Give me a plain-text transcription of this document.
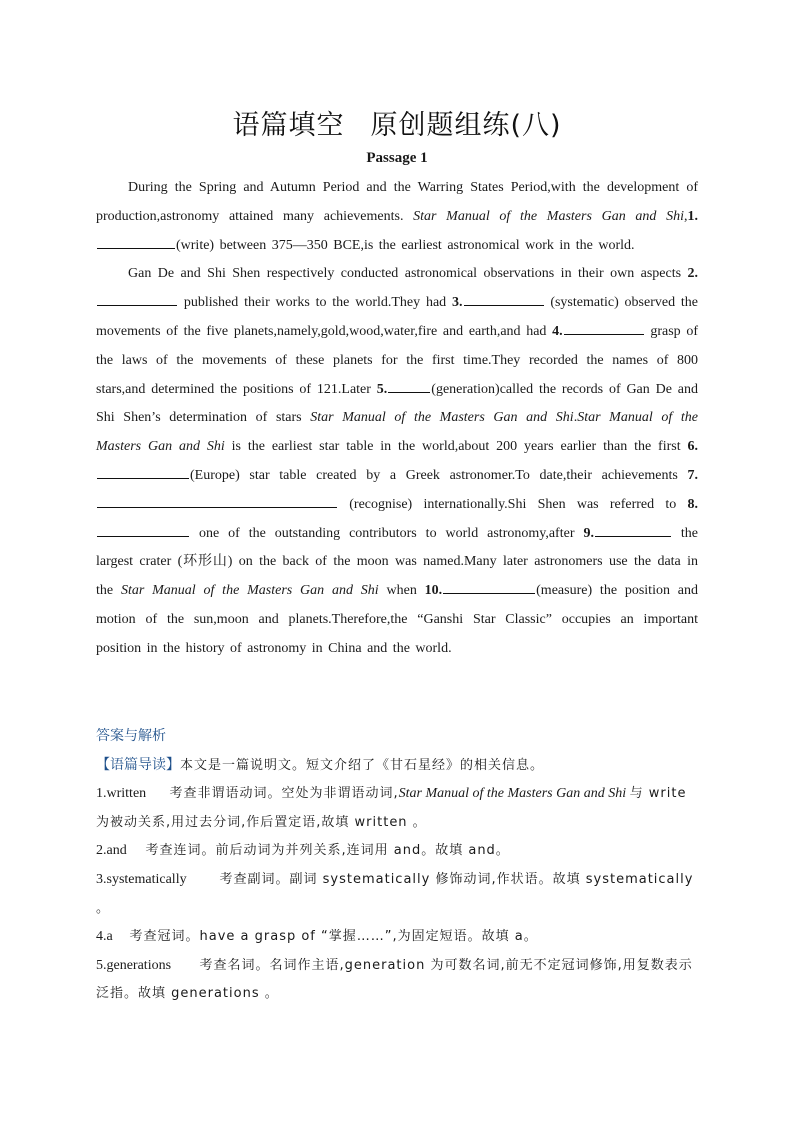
语篇填空 原创题组练(八)
Passage 1

During the Spring and Autumn Period and the Warring States Period,with the development of production,astronomy attained many achievements. Star Manual of the Masters Gan and Shi,1.(write) between 375—350 BCE,is the earliest astronomical work in the world.

Gan De and Shi Shen respectively conducted astronomical observations in their own aspects 2. published their works to the world.They had 3.	(systematic) observed the movements of the five planets,namely,gold,wood,water,fire and earth,and had 4.	grasp of the laws of the movements of these planets for the first time.They recorded the names of 800 stars,and determined the positions of 121.Later 5.	(generation)called the records of Gan De and Shi Shen’s determination of stars Star Manual of the Masters Gan and Shi.Star Manual of the Masters Gan and Shi is the earliest star table in the world,about 200 years earlier than the first 6.(Europe) star table created by a Greek astronomer.To date,their achievements 7. (recognise) internationally.Shi Shen was referred to 8. one of the outstanding contributors to world astronomy,after 9.	the largest crater (环形山) on the back of the moon was named.Many later astronomers use the data in the Star Manual of the Masters Gan and Shi when 10.	(measure) the position and motion of the sun,moon and planets.Therefore,the “Ganshi Star Classic” occupies an important position in the history of astronomy in China and the world.

答案与解析

【语篇导读】本文是一篇说明文。短文介绍了《甘石星经》的相关信息。

1.written 考查非谓语动词。空处为非谓语动词,Star Manual of the Masters Gan and Shi 与 write 为被动关系,用过去分词,作后置定语,故填 written 。

2.and 考查连词。前后动词为并列关系,连词用 and。故填 and。

3.systematically	考查副词。副词 systematically 修饰动词,作状语。故填 systematically 。

4.a 考查冠词。have a grasp of “掌握……”,为固定短语。故填 a。

5.generations 考查名词。名词作主语,generation 为可数名词,前无不定冠词修饰,用复数表示泛指。故填 generations 。
